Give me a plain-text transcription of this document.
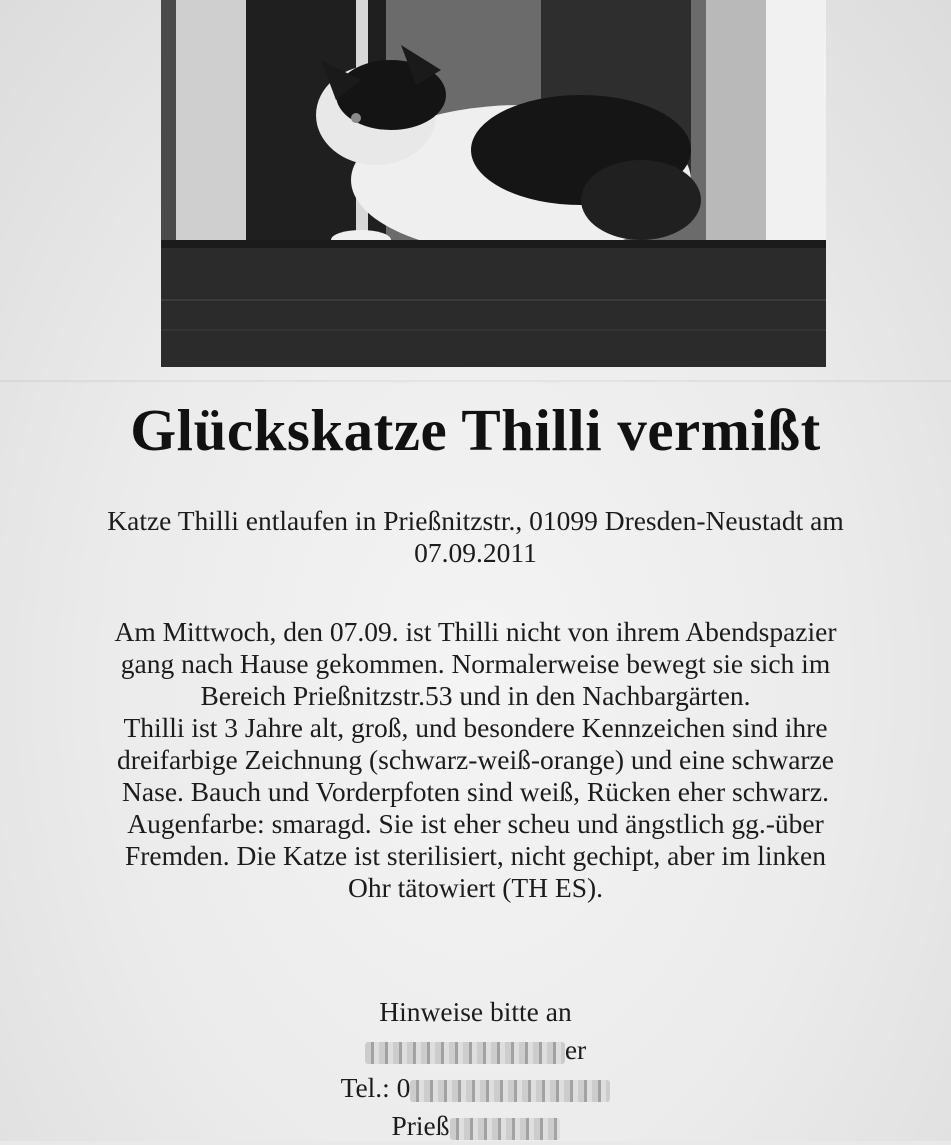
Glückskatze Thilli vermißt
Katze Thilli entlaufen in Prießnitzstr., 01099 Dresden-Neustadt am
07.09.2011
Am Mittwoch, den 07.09. ist Thilli nicht von ihrem Abendspazier
gang nach Hause gekommen. Normalerweise bewegt sie sich im
Bereich Prießnitzstr.53 und in den Nachbargärten.
Thilli ist 3 Jahre alt, groß, und besondere Kennzeichen sind ihre
dreifarbige Zeichnung (schwarz-weiß-orange) und eine schwarze
Nase. Bauch und Vorderpfoten sind weiß, Rücken eher schwarz.
Augenfarbe: smaragd. Sie ist eher scheu und ängstlich gg.-über
Fremden. Die Katze ist sterilisiert, nicht gechipt, aber im linken
Ohr tätowiert (TH ES).
Hinweise bitte an
er
Tel.: 0
Prieß
